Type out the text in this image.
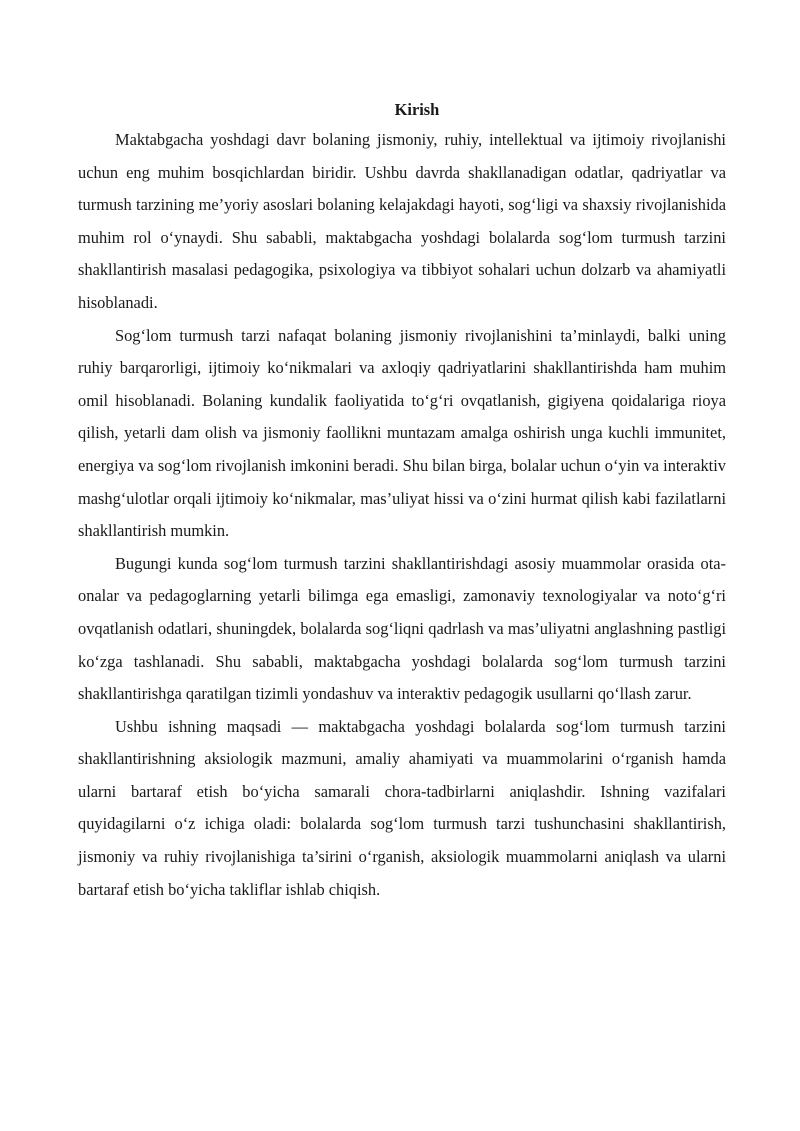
Kirish

Maktabgacha yoshdagi davr bolaning jismoniy, ruhiy, intellektual va ijtimoiy rivojlanishi uchun eng muhim bosqichlardan biridir. Ushbu davrda shakllanadigan odatlar, qadriyatlar va turmush tarzining me’yoriy asoslari bolaning kelajakdagi hayoti, sog‘ligi va shaxsiy rivojlanishida muhim rol o‘ynaydi. Shu sababli, maktabgacha yoshdagi bolalarda sog‘lom turmush tarzini shakllantirish masalasi pedagogika, psixologiya va tibbiyot sohalari uchun dolzarb va ahamiyatli hisoblanadi.

Sog‘lom turmush tarzi nafaqat bolaning jismoniy rivojlanishini ta’minlaydi, balki uning ruhiy barqarorligi, ijtimoiy ko‘nikmalari va axloqiy qadriyatlarini shakllantirishda ham muhim omil hisoblanadi. Bolaning kundalik faoliyatida to‘g‘ri ovqatlanish, gigiyena qoidalariga rioya qilish, yetarli dam olish va jismoniy faollikni muntazam amalga oshirish unga kuchli immunitet, energiya va sog‘lom rivojlanish imkonini beradi. Shu bilan birga, bolalar uchun o‘yin va interaktiv mashg‘ulotlar orqali ijtimoiy ko‘nikmalar, mas’uliyat hissi va o‘zini hurmat qilish kabi fazilatlarni shakllantirish mumkin.

Bugungi kunda sog‘lom turmush tarzini shakllantirishdagi asosiy muammolar orasida ota-onalar va pedagoglarning yetarli bilimga ega emasligi, zamonaviy texnologiyalar va noto‘g‘ri ovqatlanish odatlari, shuningdek, bolalarda sog‘liqni qadrlash va mas’uliyatni anglashning pastligi ko‘zga tashlanadi. Shu sababli, maktabgacha yoshdagi bolalarda sog‘lom turmush tarzini shakllantirishga qaratilgan tizimli yondashuv va interaktiv pedagogik usullarni qo‘llash zarur.

Ushbu ishning maqsadi — maktabgacha yoshdagi bolalarda sog‘lom turmush tarzini shakllantirishning aksiologik mazmuni, amaliy ahamiyati va muammolarini o‘rganish hamda ularni bartaraf etish bo‘yicha samarali chora-tadbirlarni aniqlashdir. Ishning vazifalari quyidagilarni o‘z ichiga oladi: bolalarda sog‘lom turmush tarzi tushunchasini shakllantirish, jismoniy va ruhiy rivojlanishiga ta’sirini o‘rganish, aksiologik muammolarni aniqlash va ularni bartaraf etish bo‘yicha takliflar ishlab chiqish.
